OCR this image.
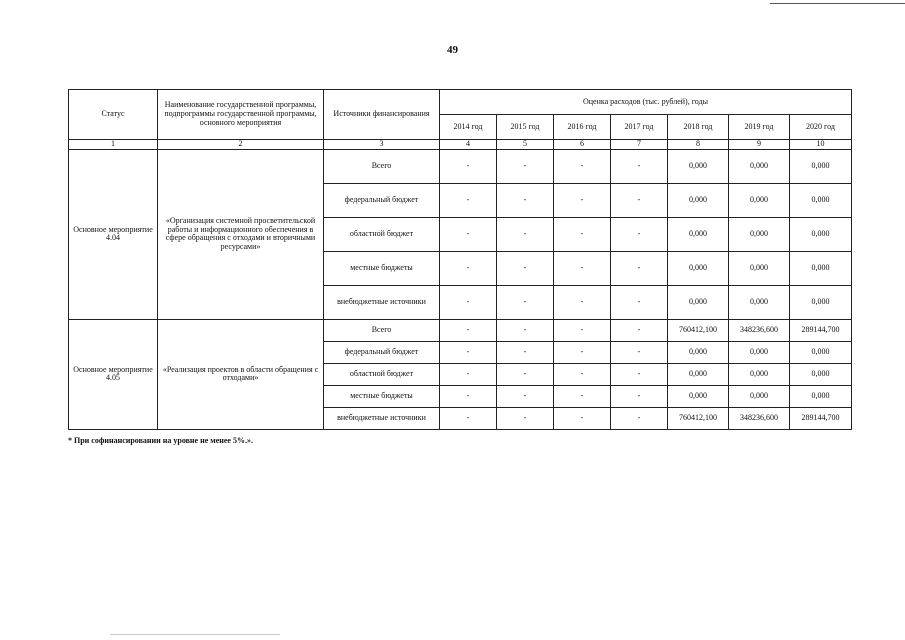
49
Статус	Наименование государственной программы, подпрограммы государственной программы, основного мероприятия	Источники финансирования	Оценка расходов (тыс. рублей), годы						
			2014 год	2015 год	2016 год	2017 год	2018 год	2019 год	2020 год
1	2	3	4	5	6	7	8	9	10
Основное мероприятие 4.04	«Организация системной просветительской работы и информационного обеспечения в сфере обращения с отходами и вторичными ресурсами»	Всего	-	-	-	-	0,000	0,000	0,000
		федеральный бюджет	-	-	-	-	0,000	0,000	0,000
		областной бюджет	-	-	-	-	0,000	0,000	0,000
		местные бюджеты	-	-	-	-	0,000	0,000	0,000
		внебюджетные источники	-	-	-	-	0,000	0,000	0,000
Основное мероприятие 4.05	«Реализация проектов в области обращения с отходами»	Всего	-	-	-	-	760412,100	348236,600	289144,700
		федеральный бюджет	-	-	-	-	0,000	0,000	0,000
		областной бюджет	-	-	-	-	0,000	0,000	0,000
		местные бюджеты	-	-	-	-	0,000	0,000	0,000
		внебюджетные источники	-	-	-	-	760412,100	348236,600	289144,700
* При софинансировании на уровне не менее 5%.».
